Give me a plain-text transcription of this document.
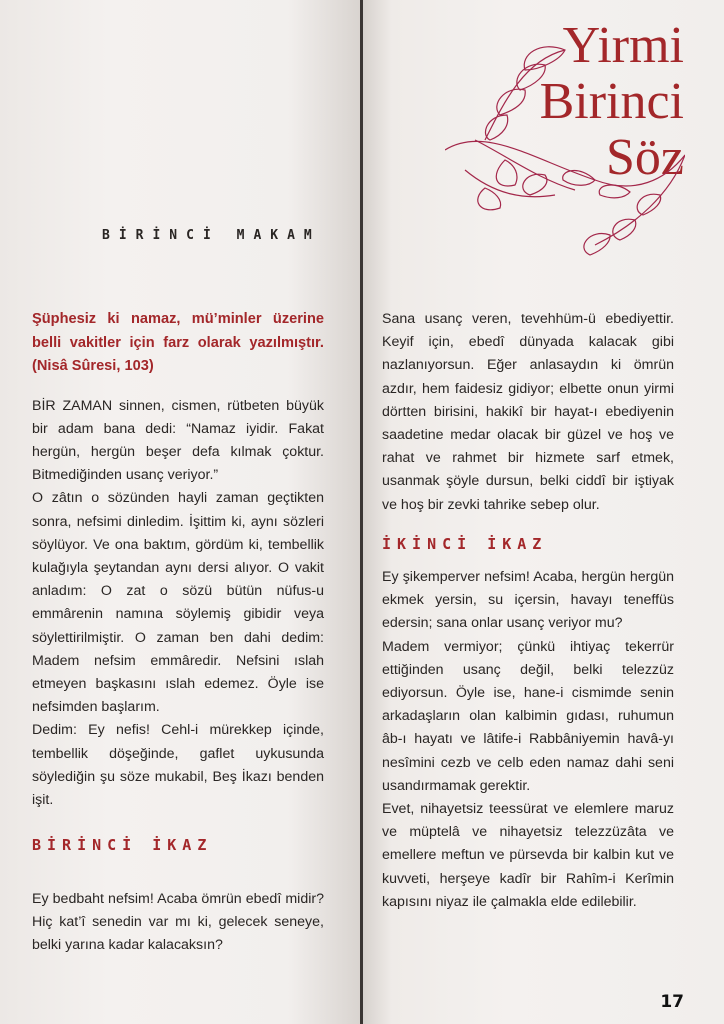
Yirmi
Birinci
Söz
BİRİNCİ MAKAM

Şüphesiz ki namaz, mü’minler üzerine belli vakitler için farz olarak yazılmıştır. (Nisâ Sûresi, 103)

BİR ZAMAN sinnen, cismen, rütbeten büyük bir adam bana dedi: “Namaz iyidir. Fakat hergün, hergün beşer defa kılmak çoktur. Bitmediğinden usanç veriyor.”

O zâtın o sözünden hayli zaman geçtikten sonra, nefsimi dinledim. İşittim ki, aynı sözleri söylüyor. Ve ona baktım, gördüm ki, tembellik kulağıyla şeytandan aynı dersi alıyor. O vakit anladım: O zat o sözü bütün nüfus-u emmârenin namına söylemiş gibidir veya söylettirilmiştir. O zaman ben dahi dedim: Madem nefsim emmâredir. Nefsini ıslah etmeyen başkasını ıslah edemez. Öyle ise nefsimden başlarım.

Dedim: Ey nefis! Cehl-i mürekkep içinde, tembellik döşeğinde, gaflet uykusunda söylediğin şu söze mukabil, Beş İkazı benden işit.

BİRİNCİ İKAZ
Ey bedbaht nefsim! Acaba ömrün ebedî midir? Hiç kat’î senedin var mı ki, gelecek seneye, belki yarına kadar kalacaksın?

Sana usanç veren, tevehhüm-ü ebediyettir. Keyif için, ebedî dünyada kalacak gibi nazlanıyorsun. Eğer anlasaydın ki ömrün azdır, hem faidesiz gidiyor; elbette onun yirmi dörtten birisini, hakikî bir hayat-ı ebediyenin saadetine medar olacak bir güzel ve hoş ve rahat ve rahmet bir hizmete sarf etmek, usanmak şöyle dursun, belki ciddî bir iştiyak ve hoş bir zevki tahrike sebep olur.

İKİNCİ İKAZ

Ey şikemperver nefsim! Acaba, hergün hergün ekmek yersin, su içersin, havayı teneffüs edersin; sana onlar usanç veriyor mu?

Madem vermiyor; çünkü ihtiyaç tekerrür ettiğinden usanç değil, belki telezzüz ediyorsun. Öyle ise, hane-i cismimde senin arkadaşların olan kalbimin gıdası, ruhumun âb-ı hayatı ve lâtife-i Rabbâniyemin havâ-yı nesîmini cezb ve celb eden namaz dahi seni usandırmamak gerektir.

Evet, nihayetsiz teessürat ve elemlere maruz ve müptelâ ve nihayetsiz telezzüzâta ve emellere meftun ve pürsevda bir kalbin kut ve kuvveti, herşeye kadîr bir Rahîm-i Kerîmin kapısını niyaz ile çalmakla elde edilebilir.

17
